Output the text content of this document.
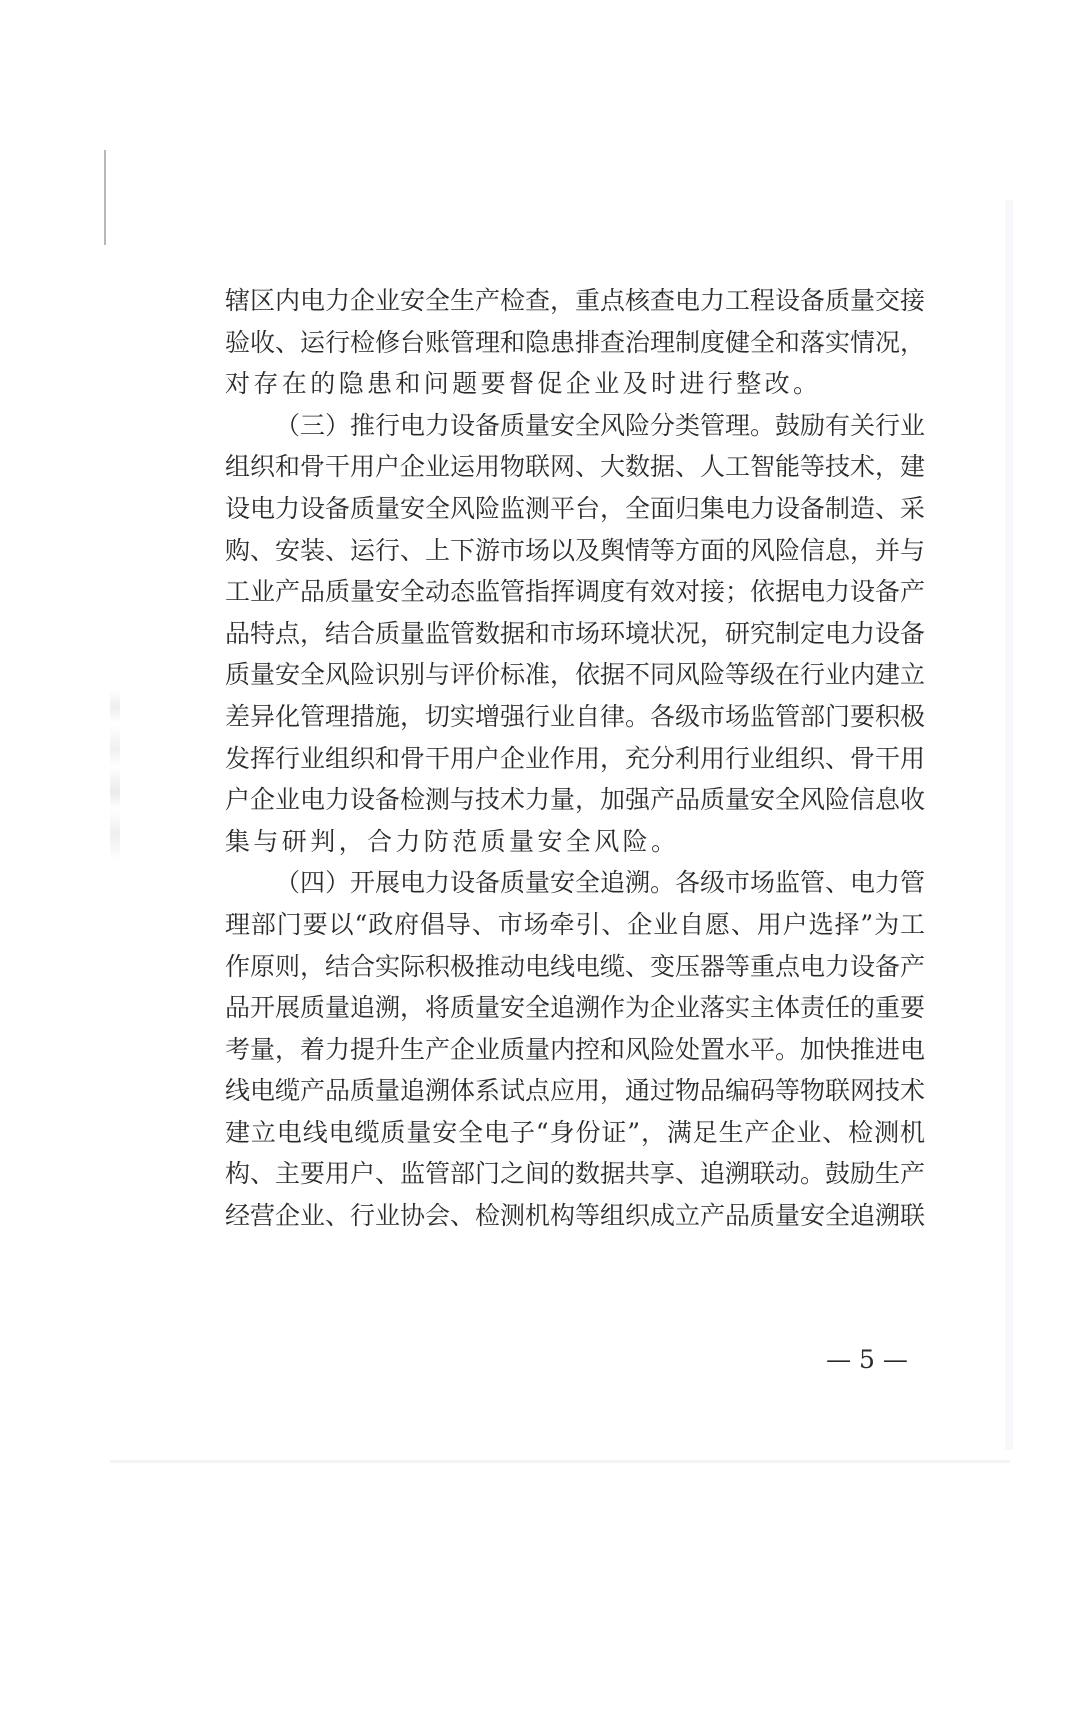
辖区内电力企业安全生产检查，重点核查电力工程设备质量交接
验收、运行检修台账管理和隐患排查治理制度健全和落实情况，
对存在的隐患和问题要督促企业及时进行整改。
（三）推行电力设备质量安全风险分类管理。鼓励有关行业
组织和骨干用户企业运用物联网、大数据、人工智能等技术，建
设电力设备质量安全风险监测平台，全面归集电力设备制造、采
购、安装、运行、上下游市场以及舆情等方面的风险信息，并与
工业产品质量安全动态监管指挥调度有效对接；依据电力设备产
品特点，结合质量监管数据和市场环境状况，研究制定电力设备
质量安全风险识别与评价标准，依据不同风险等级在行业内建立
差异化管理措施，切实增强行业自律。各级市场监管部门要积极
发挥行业组织和骨干用户企业作用，充分利用行业组织、骨干用
户企业电力设备检测与技术力量，加强产品质量安全风险信息收
集与研判，合力防范质量安全风险。
（四）开展电力设备质量安全追溯。各级市场监管、电力管
理部门要以“政府倡导、市场牵引、企业自愿、用户选择”为工
作原则，结合实际积极推动电线电缆、变压器等重点电力设备产
品开展质量追溯，将质量安全追溯作为企业落实主体责任的重要
考量，着力提升生产企业质量内控和风险处置水平。加快推进电
线电缆产品质量追溯体系试点应用，通过物品编码等物联网技术
建立电线电缆质量安全电子“身份证”，满足生产企业、检测机
构、主要用户、监管部门之间的数据共享、追溯联动。鼓励生产
经营企业、行业协会、检测机构等组织成立产品质量安全追溯联
— 5 —
